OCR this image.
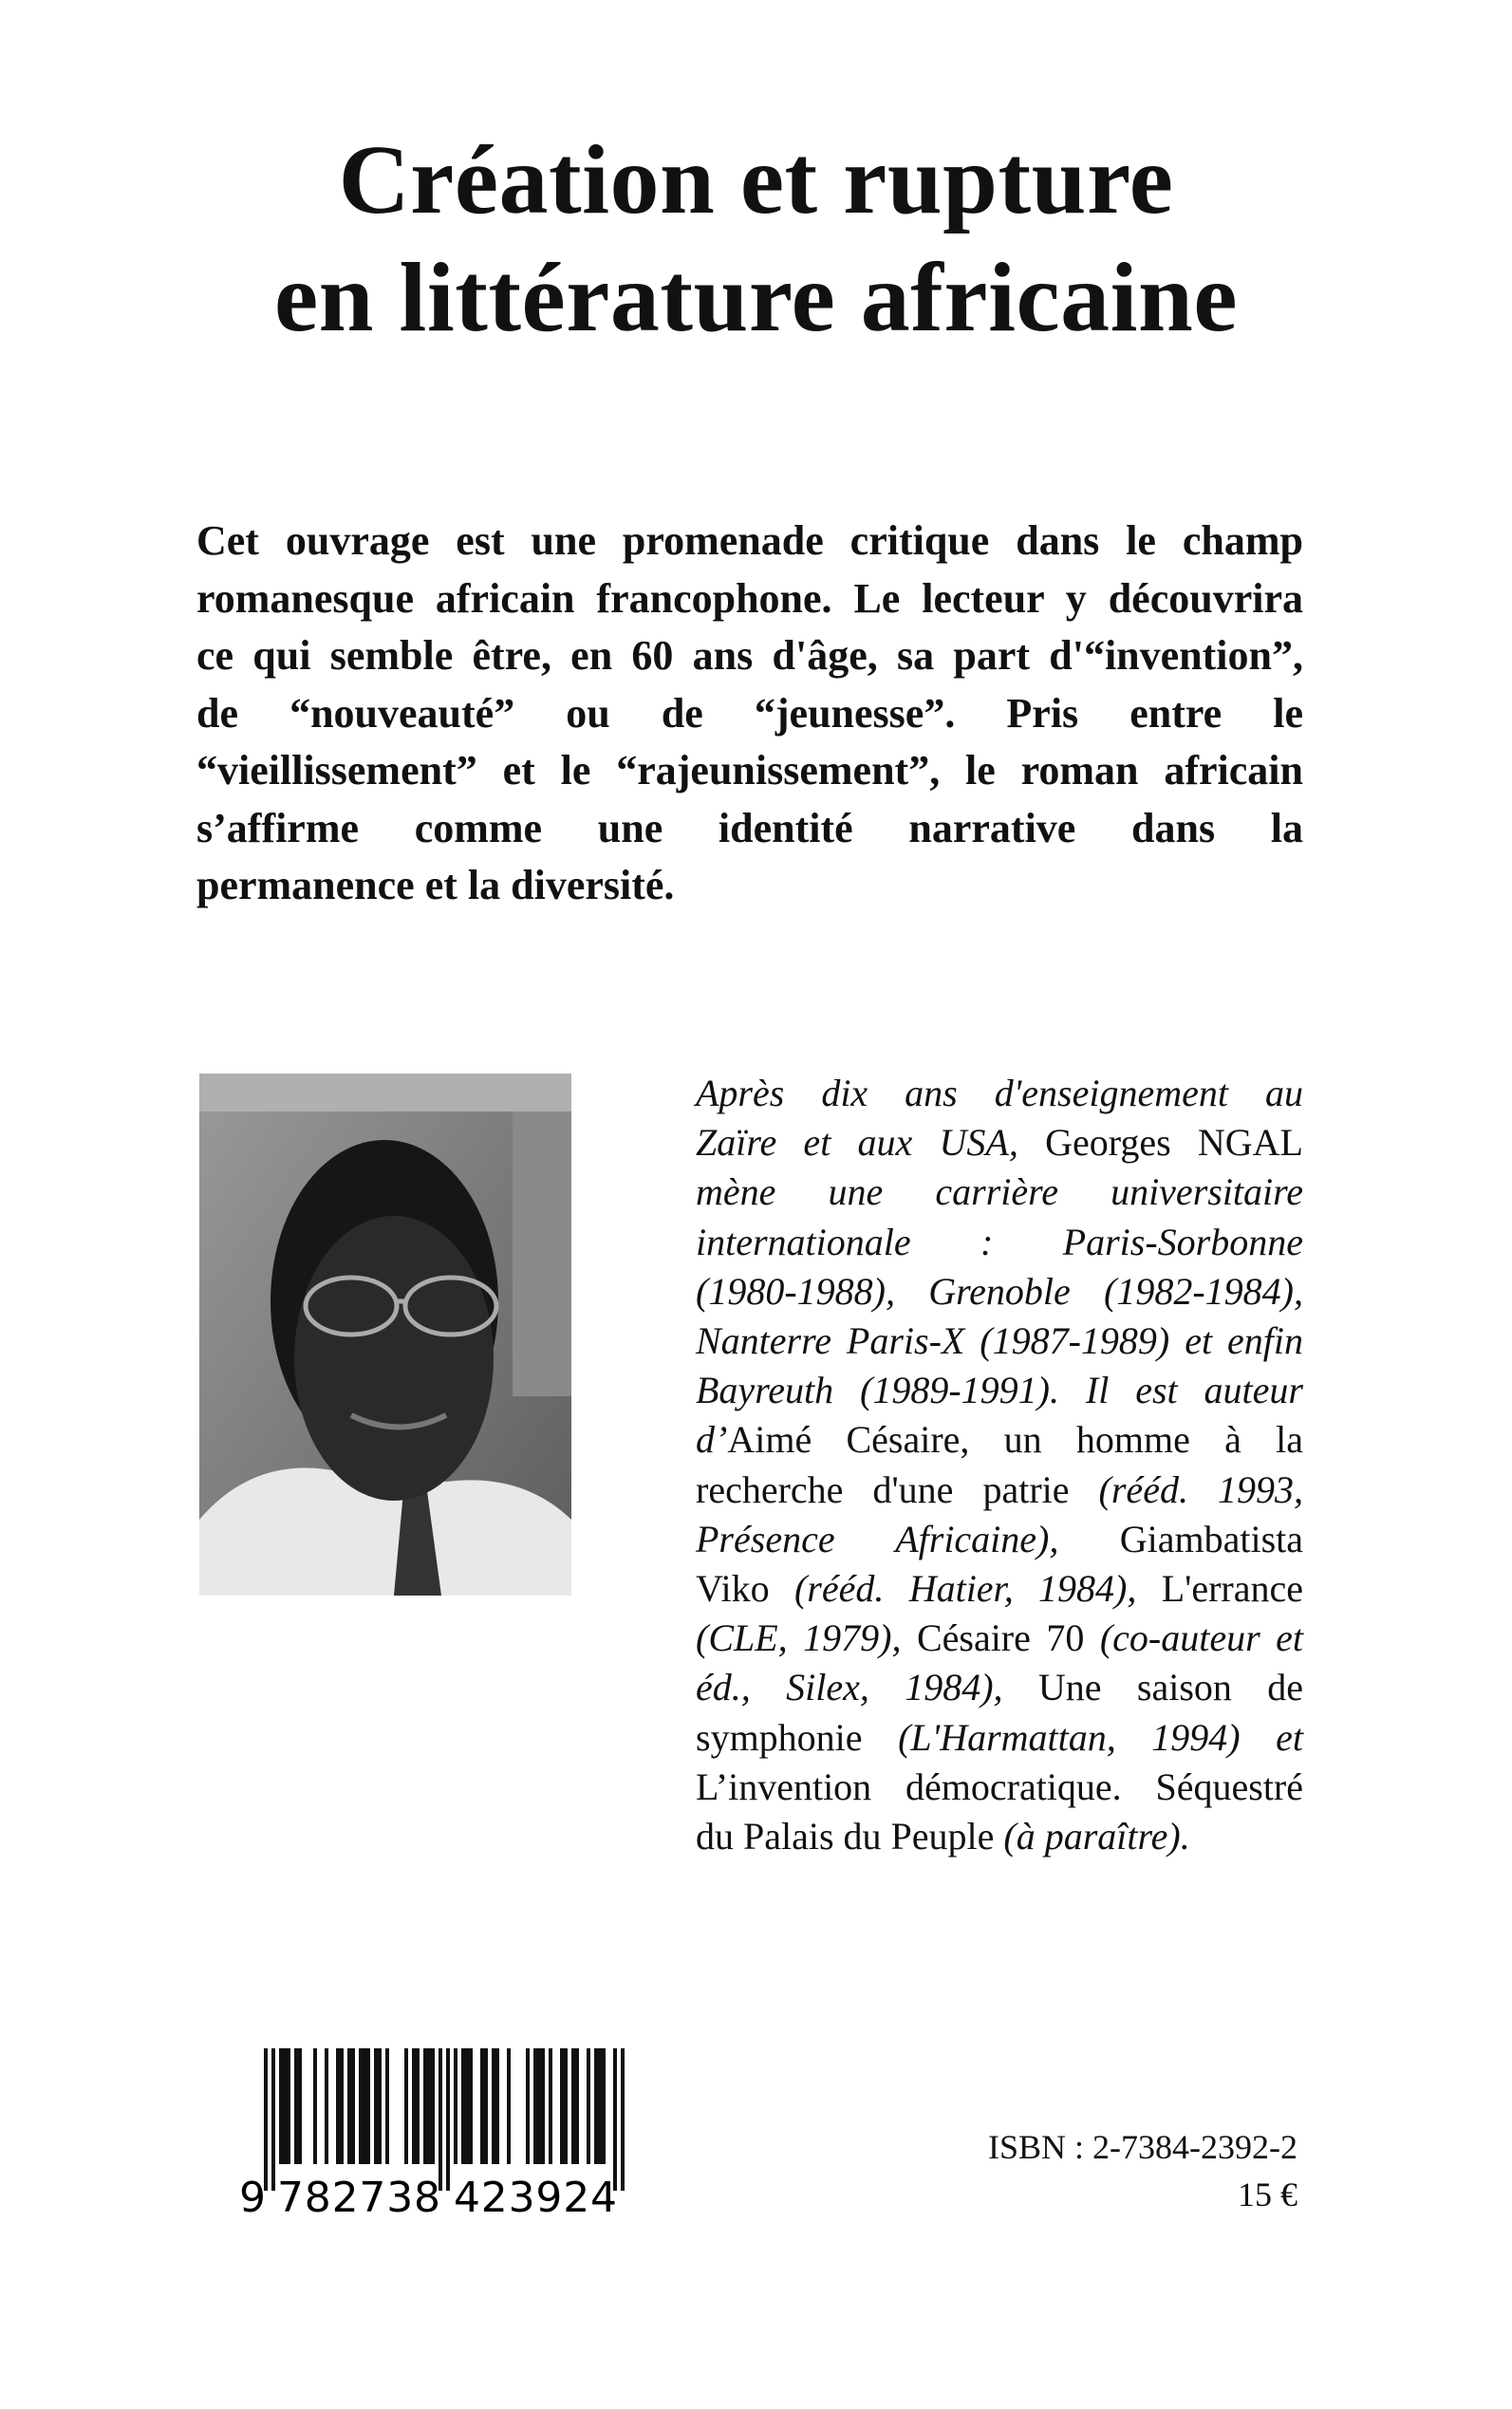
Création et rupture
en littérature africaine
Cet ouvrage est une promenade critique dans le champ
romanesque africain francophone. Le lecteur y découvrira
ce qui semble être, en 60 ans d'âge, sa part d'“invention”,
de “nouveauté” ou de “jeunesse”. Pris entre le
“vieillissement” et le “rajeunissement”, le roman africain
s’affirme comme une identité narrative dans la
permanence et la diversité.
Après dix ans d'enseignement au
Zaïre et aux USA, Georges NGAL
mène une carrière universitaire
internationale : Paris-Sorbonne
(1980-1988), Grenoble (1982-1984),
Nanterre Paris-X (1987-1989) et enfin
Bayreuth (1989-1991). Il est auteur
d’Aimé Césaire, un homme à la
recherche d'une patrie (rééd. 1993,
Présence Africaine), Giambatista
Viko (rééd. Hatier, 1984), L'errance
(CLE, 1979), Césaire 70 (co-auteur et
éd., Silex, 1984), Une saison de
symphonie (L'Harmattan, 1994) et
L’invention démocratique. Séquestré
du Palais du Peuple (à paraître).
9 782738 423924
ISBN : 2-7384-2392-2
15 €
